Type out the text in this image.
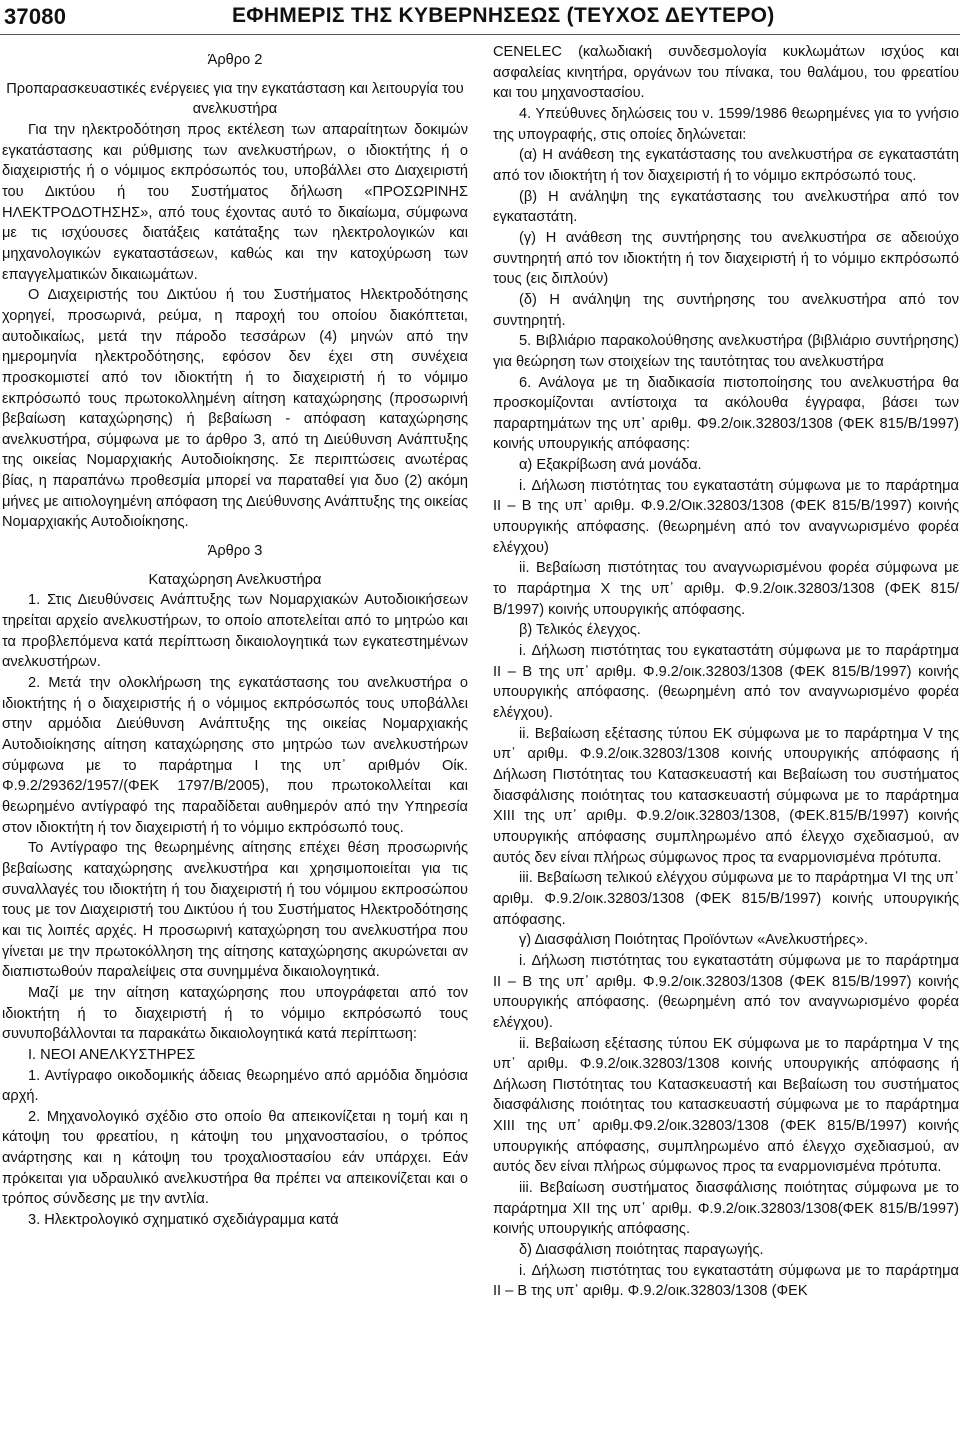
37080	ΕΦΗΜΕΡΙΣ ΤΗΣ ΚΥΒΕΡΝΗΣΕΩΣ (ΤΕΥΧΟΣ ΔΕΥΤΕΡΟ)

Άρθρο 2

Προπαρασκευαστικές ενέργειες για την εγκατάσταση και λειτουργία του ανελκυστήρα

Για την ηλεκτροδότηση προς εκτέλεση των απαραίτητων δοκιμών εγκατάστασης και ρύθμισης των ανελκυστήρων, ο ιδιοκτήτης ή ο διαχειριστής ή ο νόμιμος εκπρόσωπός του, υποβάλλει στο Διαχειριστή του Δικτύου ή του Συστήματος δήλωση «ΠΡΟΣΩΡΙΝΗΣ ΗΛΕΚΤΡΟΔΟΤΗΣΗΣ», από τους έχοντας αυτό το δικαίωμα, σύμφωνα με τις ισχύουσες διατάξεις κατάταξης των ηλεκτρολογικών και μηχανολογικών εγκαταστάσεων, καθώς και την κατοχύρωση των επαγγελματικών δικαιωμάτων.

Ο Διαχειριστής του Δικτύου ή του Συστήματος Ηλεκτροδότησης χορηγεί, προσωρινά, ρεύμα, η παροχή του οποίου διακόπτεται, αυτοδικαίως, μετά την πάροδο τεσσάρων (4) μηνών από την ημερομηνία ηλεκτροδότησης, εφόσον δεν έχει στη συνέχεια προσκομιστεί από τον ιδιοκτήτη ή το διαχειριστή ή το νόμιμο εκπρόσωπό τους πρωτοκολλημένη αίτηση καταχώρησης (προσωρινή βεβαίωση καταχώρησης) ή βεβαίωση - απόφαση καταχώρησης ανελκυστήρα, σύμφωνα με το άρθρο 3, από τη Διεύθυνση Ανάπτυξης της οικείας Νομαρχιακής Αυτοδιοίκησης. Σε περιπτώσεις ανωτέρας βίας, η παραπάνω προθεσμία μπορεί να παραταθεί για δυο (2) ακόμη μήνες με αιτιολογημένη απόφαση της Διεύθυνσης Ανάπτυξης της οικείας Νομαρχιακής Αυτοδιοίκησης.

Άρθρο 3

Καταχώρηση Ανελκυστήρα

1. Στις Διευθύνσεις Ανάπτυξης των Νομαρχιακών Αυτοδιοικήσεων τηρείται αρχείο ανελκυστήρων, το οποίο αποτελείται από το μητρώο και τα προβλεπόμενα κατά περίπτωση δικαιολογητικά των εγκατεστημένων ανελκυστήρων.

2. Μετά την ολοκλήρωση της εγκατάστασης του ανελκυστήρα ο ιδιοκτήτης ή ο διαχειριστής ή ο νόμιμος εκπρόσωπός τους υποβάλλει στην αρμόδια Διεύθυνση Ανάπτυξης της οικείας Νομαρχιακής Αυτοδιοίκησης αίτηση καταχώρησης στο μητρώο των ανελκυστήρων σύμφωνα με το παράρτημα Ι της υπ᾽ αριθμόν Οίκ. Φ.9.2/29362/1957/(ΦΕΚ 1797/Β/2005), που πρωτοκολλείται και θεωρημένο αντίγραφό της παραδίδεται αυθημερόν από την Υπηρεσία στον ιδιοκτήτη ή τον διαχειριστή ή το νόμιμο εκπρόσωπό τους.

Το Αντίγραφο της θεωρημένης αίτησης επέχει θέση προσωρινής βεβαίωσης καταχώρησης ανελκυστήρα και χρησιμοποιείται για τις συναλλαγές του ιδιοκτήτη ή του διαχειριστή ή του νόμιμου εκπροσώπου τους με τον Διαχειριστή του Δικτύου ή του Συστήματος Ηλεκτροδότησης και τις λοιπές αρχές. Η προσωρινή καταχώρηση του ανελκυστήρα που γίνεται με την πρωτοκόλληση της αίτησης καταχώρησης ακυρώνεται αν διαπιστωθούν παραλείψεις στα συνημμένα δικαιολογητικά.

Μαζί με την αίτηση καταχώρησης που υπογράφεται από τον ιδιοκτήτη ή το διαχειριστή ή το νόμιμο εκπρόσωπό τους συνυποβάλλονται τα παρακάτω δικαιολογητικά κατά περίπτωση:

Ι. ΝΕΟΙ ΑΝΕΛΚΥΣΤΗΡΕΣ

1. Αντίγραφο οικοδομικής άδειας θεωρημένο από αρμόδια δημόσια αρχή.

2. Μηχανολογικό σχέδιο στο οποίο θα απεικονίζεται η τομή και η κάτοψη του φρεατίου, η κάτοψη του μηχανοστασίου, ο τρόπος ανάρτησης και η κάτοψη του τροχαλιοστασίου εάν υπάρχει. Εάν πρόκειται για υδραυλικό ανελκυστήρα θα πρέπει να απεικονίζεται και ο τρόπος σύνδεσης με την αντλία.

3. Ηλεκτρολογικό σχηματικό σχεδιάγραμμα κατά

CENELEC (καλωδιακή συνδεσμολογία κυκλωμάτων ισχύος και ασφαλείας κινητήρα, οργάνων του πίνακα, του θαλάμου, του φρεατίου και του μηχανοστασίου.

4. Υπεύθυνες δηλώσεις του ν. 1599/1986 θεωρημένες για το γνήσιο της υπογραφής, στις οποίες δηλώνεται:

(α) Η ανάθεση της εγκατάστασης του ανελκυστήρα σε εγκαταστάτη από τον ιδιοκτήτη ή τον διαχειριστή ή το νόμιμο εκπρόσωπό τους.

(β) Η ανάληψη της εγκατάστασης του ανελκυστήρα από τον εγκαταστάτη.

(γ) Η ανάθεση της συντήρησης του ανελκυστήρα σε αδειούχο συντηρητή από τον ιδιοκτήτη ή τον διαχειριστή ή το νόμιμο εκπρόσωπό τους (εις διπλούν)

(δ) Η ανάληψη της συντήρησης του ανελκυστήρα από τον συντηρητή.

5. Βιβλιάριο παρακολούθησης ανελκυστήρα (βιβλιάριο συντήρησης) για θεώρηση των στοιχείων της ταυτότητας του ανελκυστήρα

6. Ανάλογα με τη διαδικασία πιστοποίησης του ανελκυστήρα θα προσκομίζονται αντίστοιχα τα ακόλουθα έγγραφα, βάσει των παραρτημάτων της υπ᾽ αριθμ. Φ9.2/οικ.32803/1308 (ΦΕΚ 815/Β/1997) κοινής υπουργικής απόφασης:

α) Εξακρίβωση ανά μονάδα.

i. Δήλωση πιστότητας του εγκαταστάτη σύμφωνα με το παράρτημα ΙΙ – Β της υπ᾽ αριθμ. Φ.9.2/Οικ.32803/1308 (ΦΕΚ 815/Β/1997) κοινής υπουργικής απόφασης. (θεωρημένη από τον αναγνωρισμένο φορέα ελέγχου)

ii. Βεβαίωση πιστότητας του αναγνωρισμένου φορέα σύμφωνα με το παράρτημα Χ της υπ᾽ αριθμ. Φ.9.2/οικ.32803/1308 (ΦΕΚ 815/Β/1997) κοινής υπουργικής απόφασης.

β) Τελικός έλεγχος.

i. Δήλωση πιστότητας του εγκαταστάτη σύμφωνα με το παράρτημα ΙΙ – Β της υπ᾽ αριθμ. Φ.9.2/οικ.32803/1308 (ΦΕΚ 815/Β/1997) κοινής υπουργικής απόφασης. (θεωρημένη από τον αναγνωρισμένο φορέα ελέγχου).

ii. Βεβαίωση εξέτασης τύπου ΕΚ σύμφωνα με το παράρτημα V της υπ᾽ αριθμ. Φ.9.2/οικ.32803/1308 κοινής υπουργικής απόφασης ή Δήλωση Πιστότητας του Κατασκευαστή και Βεβαίωση του συστήματος διασφάλισης ποιότητας του κατασκευαστή σύμφωνα με το παράρτημα ΧΙΙΙ της υπ᾽ αριθμ. Φ.9.2/οικ.32803/1308, (ΦΕΚ.815/Β/1997) κοινής υπουργικής απόφασης συμπληρωμένο από έλεγχο σχεδιασμού, αν αυτός δεν είναι πλήρως σύμφωνος προς τα εναρμονισμένα πρότυπα.

iii. Βεβαίωση τελικού ελέγχου σύμφωνα με το παράρτημα VI της υπ᾽ αριθμ. Φ.9.2/οικ.32803/1308 (ΦΕΚ 815/Β/1997) κοινής υπουργικής απόφασης.

γ) Διασφάλιση Ποιότητας Προϊόντων «Ανελκυστήρες».

i. Δήλωση πιστότητας του εγκαταστάτη σύμφωνα με το παράρτημα ΙΙ – Β της υπ᾽ αριθμ. Φ.9.2/οικ.32803/1308 (ΦΕΚ 815/Β/1997) κοινής υπουργικής απόφασης. (θεωρημένη από τον αναγνωρισμένο φορέα ελέγχου).

ii. Βεβαίωση εξέτασης τύπου ΕΚ σύμφωνα με το παράρτημα V της υπ᾽ αριθμ. Φ.9.2/οικ.32803/1308 κοινής υπουργικής απόφασης ή Δήλωση Πιστότητας του Κατασκευαστή και Βεβαίωση του συστήματος διασφάλισης ποιότητας του κατασκευαστή σύμφωνα με το παράρτημα ΧΙΙΙ της υπ᾽ αριθμ.Φ9.2/οικ.32803/1308 (ΦΕΚ 815/Β/1997) κοινής υπουργικής απόφασης, συμπληρωμένο από έλεγχο σχεδιασμού, αν αυτός δεν είναι πλήρως σύμφωνος προς τα εναρμονισμένα πρότυπα.

iii. Βεβαίωση συστήματος διασφάλισης ποιότητας σύμφωνα με το παράρτημα ΧΙΙ της υπ᾽ αριθμ. Φ.9.2/οικ.32803/1308(ΦΕΚ 815/Β/1997) κοινής υπουργικής απόφασης.

δ) Διασφάλιση ποιότητας παραγωγής.

i. Δήλωση πιστότητας του εγκαταστάτη σύμφωνα με το παράρτημα ΙΙ – Β της υπ᾽ αριθμ. Φ.9.2/οικ.32803/1308 (ΦΕΚ
